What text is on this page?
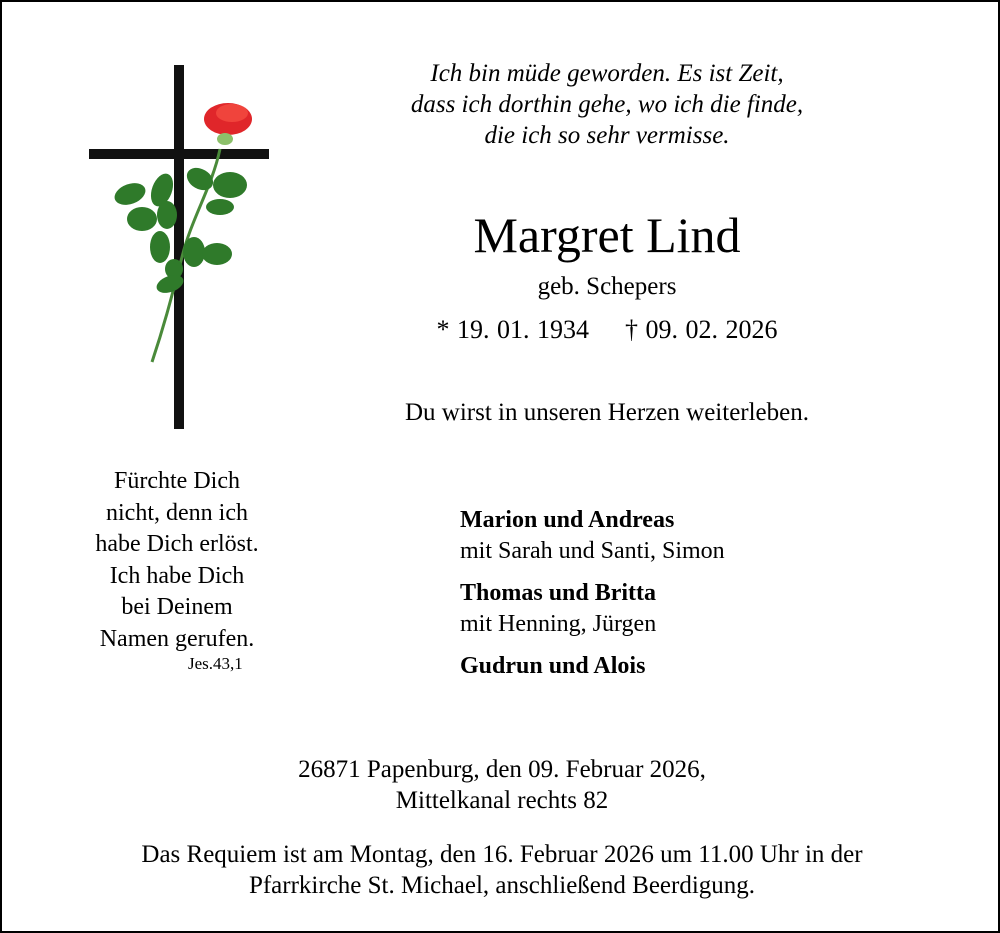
Ich bin müde geworden. Es ist Zeit,
dass ich dorthin gehe, wo ich die finde,
die ich so sehr vermisse.
Margret Lind
geb. Schepers
* 19. 01. 1934 † 09. 02. 2026
Du wirst in unseren Herzen weiterleben.
Fürchte Dich
nicht, denn ich
habe Dich erlöst.
Ich habe Dich
bei Deinem
Namen gerufen.
Jes.43,1
Marion und Andreas
mit Sarah und Santi, Simon
Thomas und Britta
mit Henning, Jürgen
Gudrun und Alois
26871 Papenburg, den 09. Februar 2026,
Mittelkanal rechts 82
Das Requiem ist am Montag, den 16. Februar 2026 um 11.00 Uhr in der
Pfarrkirche St. Michael, anschließend Beerdigung.
